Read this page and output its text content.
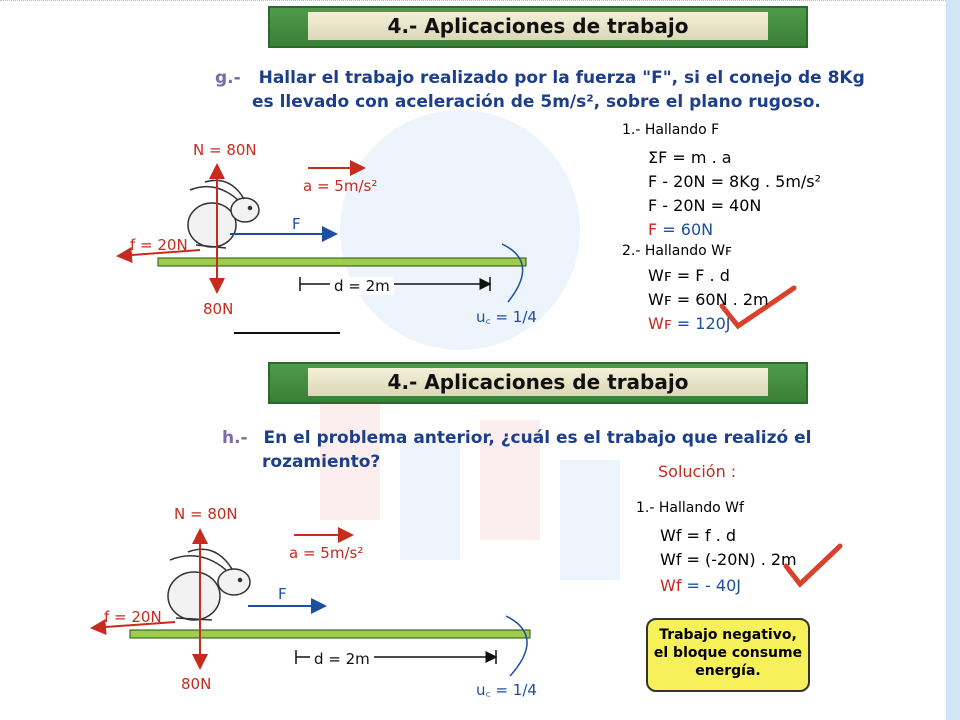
4.- Aplicaciones de trabajo
g.- Hallar el trabajo realizado por la fuerza "F", si el conejo de 8Kg
es llevado con aceleración de 5m/s², sobre el plano rugoso.
N = 80N
a = 5m/s²
F
f = 20N
80N
d = 2m
u꜀ = 1/4
1.- Hallando F
ΣF = m . a
F - 20N = 8Kg . 5m/s²
F - 20N = 40N
F = 60N
2.- Hallando Wꜰ
Wꜰ = F . d
Wꜰ = 60N . 2m
Wꜰ = 120J
4.- Aplicaciones de trabajo
h.- En el problema anterior, ¿cuál es el trabajo que realizó el
rozamiento?	Solución :
N = 80N
a = 5m/s²
F
f = 20N
80N
d = 2m
u꜀ = 1/4
1.- Hallando Wf
Wf = f . d
Wf = (-20N) . 2m
Wf = - 40J
Trabajo negativo,
el bloque consume
energía.
